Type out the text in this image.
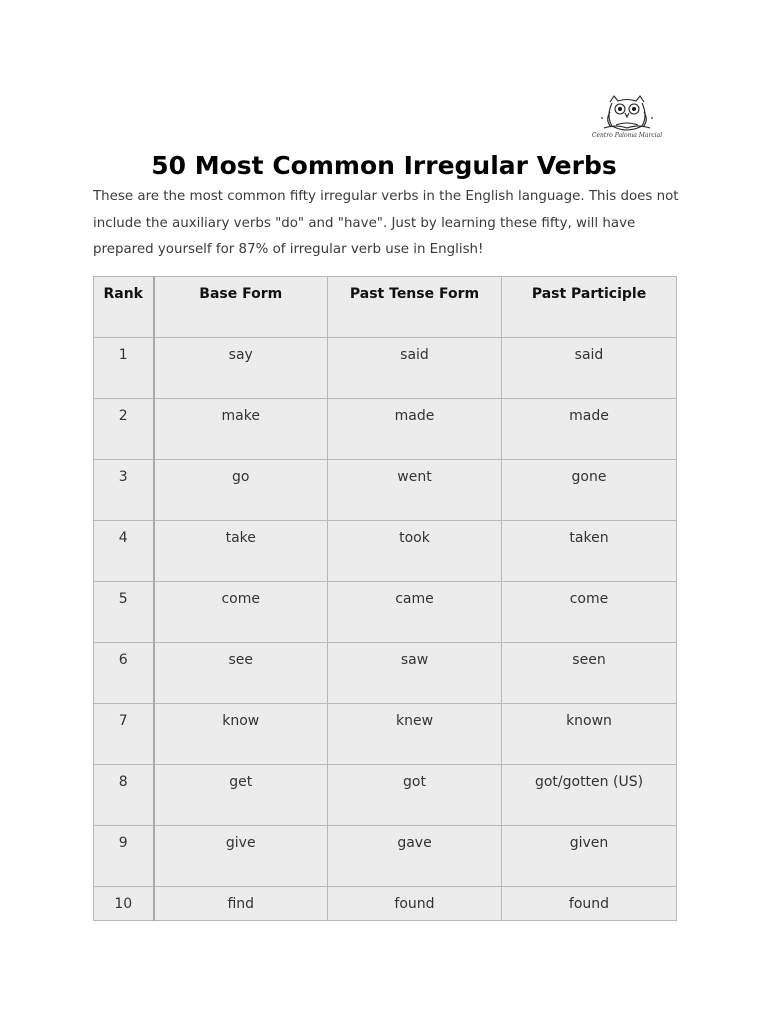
Centro Paloma Marcial
50 Most Common Irregular Verbs

These are the most common fifty irregular verbs in the English language. This does not include the auxiliary verbs "do" and "have". Just by learning these fifty, will have prepared yourself for 87% of irregular verb use in English!

Rank	Base Form	Past Tense Form	Past Participle
1	say	said	said
2	make	made	made
3	go	went	gone
4	take	took	taken
5	come	came	come
6	see	saw	seen
7	know	knew	known
8	get	got	got/gotten (US)
9	give	gave	given
10	find	found	found
